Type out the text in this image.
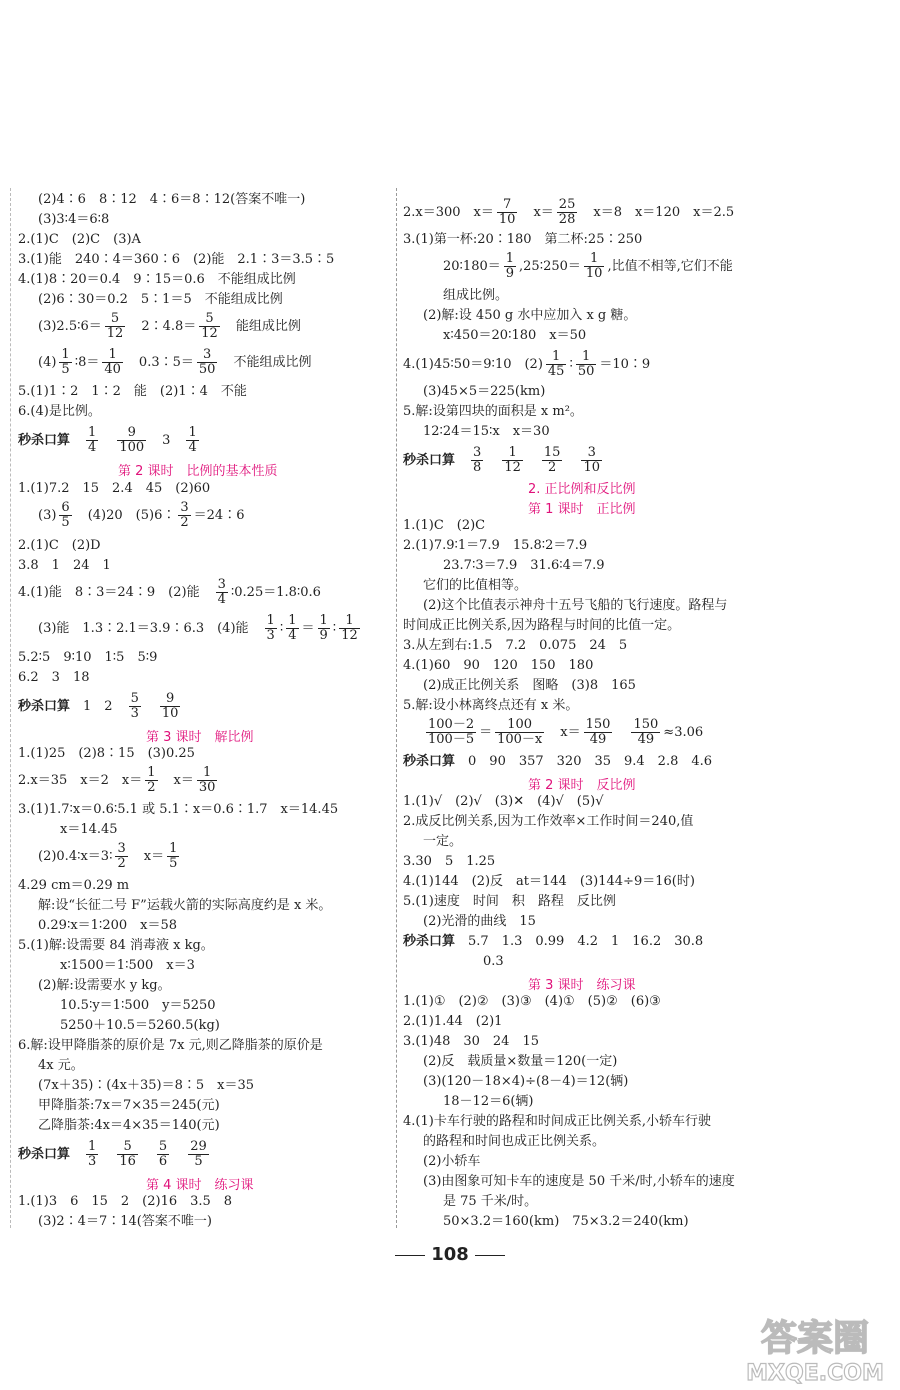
(2)4∶6　8∶12　4∶6＝8∶12(答案不唯一)
(3)3∶4＝6∶8
2.(1)C　(2)C　(3)A
3.(1)能　240∶4＝360∶6　(2)能　2.1∶3＝3.5∶5
4.(1)8∶20＝0.4　9∶15＝0.6　不能组成比例
(2)6∶30＝0.2　5∶1＝5　不能组成比例
(3)2.5∶6＝ $\frac{5}{12}$
　 2∶4.8＝ $\frac{5}{12}$
　 能组成比例
$(4) \frac{1}{5}$ ∶8＝ $\frac{1}{40}$
　 0.3∶5＝ $\frac{3}{50}$
　 不能组成比例
5.(1)1∶2　1∶2　能　(2)1∶4　不能
6.(4)是比例。
秒杀口算　 $\frac{1}{4}$
　 $\frac{9}{100}$
　 3　 $\frac{1}{4}$
第 2 课时　比例的基本性质
1.(1)7.2　15　2.4　45　(2)60
$(3) \frac{6}{5}$
　 (4)20　(5)6∶ $\frac{3}{2}$ ＝24∶6
2.(1)C　(2)D
3.8　1　24　1
4.(1)能　8∶3＝24∶9　(2)能　 $\frac{3}{4}$ ∶0.25＝1.8∶0.6
(3)能　1.3∶2.1＝3.9∶6.3　(4)能　 $\frac{1}{3}$ ∶ $\frac{1}{4} = \frac{1}{9}$ ∶ $\frac{1}{12}$
5.2∶5　9∶10　1∶5　5∶9
6.2　3　18
秒杀口算　 1　2　 $\frac{5}{3}$
　 $\frac{9}{10}$
第 3 课时　解比例
1.(1)25　(2)8∶15　(3)0.25
2.x＝35　x＝2　$x= \frac{1}{2}$
　 $x= \frac{1}{30}$
3.(1)1.7∶x＝0.6∶5.1 或 5.1∶x＝0.6∶1.7　x＝14.45
x＝14.45
(2)0.4∶x＝3∶ $\frac{3}{2}$
　 $x= \frac{1}{5}$
4.29 cm＝0.29 m
解:设“长征二号 F”运载火箭的实际高度约是 x 米。
0.29∶x＝1∶200　x＝58
5.(1)解:设需要 84 消毒液 x kg。
x∶1500＝1∶500　x＝3
(2)解:设需要水 y kg。
10.5∶y＝1∶500　y＝5250
5250＋10.5＝5260.5(kg)
6.解:设甲降脂茶的原价是 7x 元,则乙降脂茶的原价是
4x 元。
(7x＋35)∶(4x＋35)＝8∶5　x＝35
甲降脂茶:7x＝7×35＝245(元)
乙降脂茶:4x＝4×35＝140(元)
秒杀口算　 $\frac{1}{3}$
　 $\frac{5}{16}$
　 $\frac{5}{6}$
　 $\frac{29}{5}$
第 4 课时　练习课
1.(1)3　6　15　2　(2)16　3.5　8
(3)2∶4＝7∶14(答案不唯一)
2.x＝300　$x= \frac{7}{10}$
　 $x= \frac{25}{28}$
　 x＝8　x＝120　x＝2.5
3.(1)第一杯:20∶180　第二杯:25∶250
20∶180＝ $\frac{1}{9}$ ,25∶250＝ $\frac{1}{10}$ ,比值不相等,它们不能
组成比例。
(2)解:设 450 g 水中应加入 x g 糖。
x∶450＝20∶180　x＝50
4.(1)45∶50＝9∶10　$(2) \frac{1}{45}$ ∶ $\frac{1}{50}$ ＝10∶9
(3)45×5＝225(km)
5.解:设第四块的面积是 x m²。
12∶24＝15∶x　x＝30
秒杀口算　 $\frac{3}{8}$
　 $\frac{1}{12}$
　 $\frac{15}{2}$
　 $\frac{3}{10}$
2. 正比例和反比例
第 1 课时　正比例
1.(1)C　(2)C
2.(1)7.9∶1＝7.9　15.8∶2＝7.9
23.7∶3＝7.9　31.6∶4＝7.9
它们的比值相等。
(2)这个比值表示神舟十五号飞船的飞行速度。路程与
时间成正比例关系,因为路程与时间的比值一定。
3.从左到右:1.5　7.2　0.075　24　5
4.(1)60　90　120　150　180
(2)成正比例关系　图略　(3)8　165
5.解:设小林离终点还有 x 米。
$\frac{100-2}{100-5} = \frac{100}{100-x}$
　 $x= \frac{150}{49}$
　 $\frac{150}{49} \approx 3.06$
秒杀口算　 0　90　357　320　35　9.4　2.8　4.6
第 2 课时　反比例
1.(1)√　(2)√　(3)✕　(4)√　(5)√
2.成反比例关系,因为工作效率×工作时间＝240,值
一定。
3.30　5　1.25
4.(1)144　(2)反　at＝144　(3)144÷9＝16(时)
5.(1)速度　时间　积　路程　反比例
(2)光滑的曲线　15
秒杀口算　 5.7　1.3　0.99　4.2　1　16.2　30.8
0.3
第 3 课时　练习课
1.(1)①　(2)②　(3)③　(4)①　(5)②　(6)③
2.(1)1.44　(2)1
3.(1)48　30　24　15
(2)反　载质量×数量＝120(一定)
(3)(120－18×4)÷(8－4)＝12(辆)
18－12＝6(辆)
4.(1)卡车行驶的路程和时间成正比例关系,小轿车行驶
的路程和时间也成正比例关系。
(2)小轿车
(3)由图象可知卡车的速度是 50 千米/时,小轿车的速度
是 75 千米/时。
50×3.2＝160(km)　75×3.2＝240(km)
108
答案圈
MXQE.COM
